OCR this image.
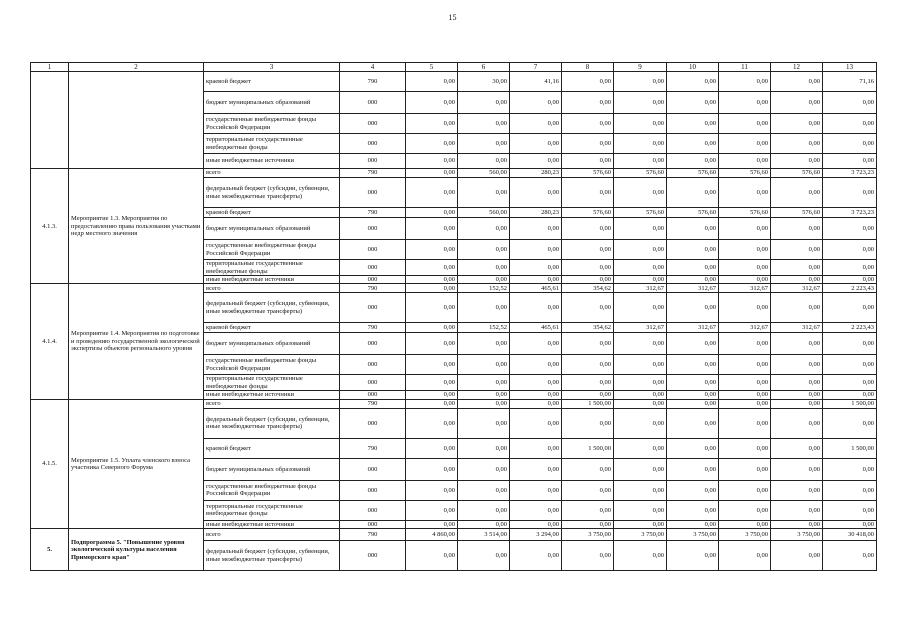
15
1	2	3	4	5	6	7	8	9	10	11	12	13
		краевой бюджет	790	0,00	30,00	41,16	0,00	0,00	0,00	0,00	0,00	71,16
		бюджет муниципальных образований	000	0,00	0,00	0,00	0,00	0,00	0,00	0,00	0,00	0,00
		государственные внебюджетные фонды Российской Федерации	000	0,00	0,00	0,00	0,00	0,00	0,00	0,00	0,00	0,00
		территориальные государственные внебюджетные фонды	000	0,00	0,00	0,00	0,00	0,00	0,00	0,00	0,00	0,00
		иные внебюджетные источники	000	0,00	0,00	0,00	0,00	0,00	0,00	0,00	0,00	0,00
4.1.3.	Мероприятие 1.3. Мероприятия по предоставлению права пользования участками недр местного значения	всего	790	0,00	560,00	280,23	576,60	576,60	576,60	576,60	576,60	3 723,23
		федеральный бюджет (субсидии, субвенции, иные межбюджетные трансферты)	000	0,00	0,00	0,00	0,00	0,00	0,00	0,00	0,00	0,00
		краевой бюджет	790	0,00	560,00	280,23	576,60	576,60	576,60	576,60	576,60	3 723,23
		бюджет муниципальных образований	000	0,00	0,00	0,00	0,00	0,00	0,00	0,00	0,00	0,00
		государственные внебюджетные фонды Российской Федерации	000	0,00	0,00	0,00	0,00	0,00	0,00	0,00	0,00	0,00
		территориальные государственные внебюджетные фонды	000	0,00	0,00	0,00	0,00	0,00	0,00	0,00	0,00	0,00
		иные внебюджетные источники	000	0,00	0,00	0,00	0,00	0,00	0,00	0,00	0,00	0,00
4.1.4.	Мероприятие 1.4. Мероприятия по подготовке и проведению государственной экологической экспертизы объектов регионального уровня	всего	790	0,00	152,52	465,61	354,62	312,67	312,67	312,67	312,67	2 223,43
		федеральный бюджет (субсидии, субвенции, иные межбюджетные трансферты)	000	0,00	0,00	0,00	0,00	0,00	0,00	0,00	0,00	0,00
		краевой бюджет	790	0,00	152,52	465,61	354,62	312,67	312,67	312,67	312,67	2 223,43
		бюджет муниципальных образований	000	0,00	0,00	0,00	0,00	0,00	0,00	0,00	0,00	0,00
		государственные внебюджетные фонды Российской Федерации	000	0,00	0,00	0,00	0,00	0,00	0,00	0,00	0,00	0,00
		территориальные государственные внебюджетные фонды	000	0,00	0,00	0,00	0,00	0,00	0,00	0,00	0,00	0,00
		иные внебюджетные источники	000	0,00	0,00	0,00	0,00	0,00	0,00	0,00	0,00	0,00
4.1.5.	Мероприятие 1.5. Уплата членского взноса участника Северного Форума	всего	790	0,00	0,00	0,00	1 500,00	0,00	0,00	0,00	0,00	1 500,00
		федеральный бюджет (субсидии, субвенции, иные межбюджетные трансферты)	000	0,00	0,00	0,00	0,00	0,00	0,00	0,00	0,00	0,00
		краевой бюджет	790	0,00	0,00	0,00	1 500,00	0,00	0,00	0,00	0,00	1 500,00
		бюджет муниципальных образований	000	0,00	0,00	0,00	0,00	0,00	0,00	0,00	0,00	0,00
		государственные внебюджетные фонды Российской Федерации	000	0,00	0,00	0,00	0,00	0,00	0,00	0,00	0,00	0,00
		территориальные государственные внебюджетные фонды	000	0,00	0,00	0,00	0,00	0,00	0,00	0,00	0,00	0,00
		иные внебюджетные источники	000	0,00	0,00	0,00	0,00	0,00	0,00	0,00	0,00	0,00
5.	Подпрограмма 5. "Повышение уровня экологической культуры населения Приморского края"	всего	790	4 860,00	3 514,00	3 294,00	3 750,00	3 750,00	3 750,00	3 750,00	3 750,00	30 418,00
		федеральный бюджет (субсидии, субвенции, иные межбюджетные трансферты)	000	0,00	0,00	0,00	0,00	0,00	0,00	0,00	0,00	0,00
